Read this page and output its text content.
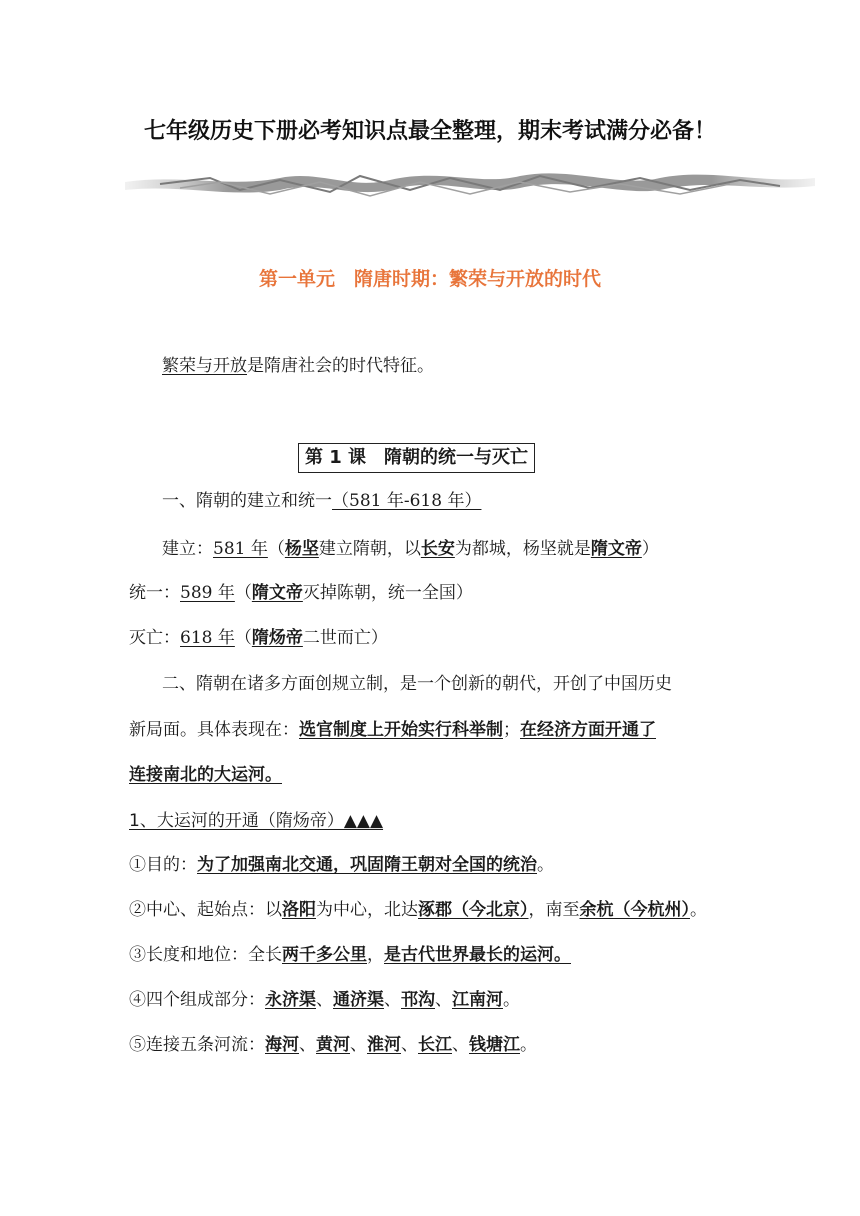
七年级历史下册必考知识点最全整理，期末考试满分必备！
第一单元　隋唐时期：繁荣与开放的时代
繁荣与开放是隋唐社会的时代特征。
第 1 课　隋朝的统一与灭亡
一、隋朝的建立和统一（581 年-618 年）
建立：581 年（杨坚建立隋朝，以长安为都城，杨坚就是隋文帝）
统一：589 年（隋文帝灭掉陈朝，统一全国）
灭亡：618 年（隋炀帝二世而亡）
二、隋朝在诸多方面创规立制，是一个创新的朝代，开创了中国历史
新局面。具体表现在：选官制度上开始实行科举制；在经济方面开通了
连接南北的大运河。
1、大运河的开通（隋炀帝）▲▲▲
①目的：为了加强南北交通，巩固隋王朝对全国的统治。
②中心、起始点：以洛阳为中心，北达涿郡（今北京），南至余杭（今杭州）。
③长度和地位：全长两千多公里，是古代世界最长的运河。
④四个组成部分：永济渠、通济渠、邗沟、江南河。
⑤连接五条河流：海河、黄河、淮河、长江、钱塘江。
